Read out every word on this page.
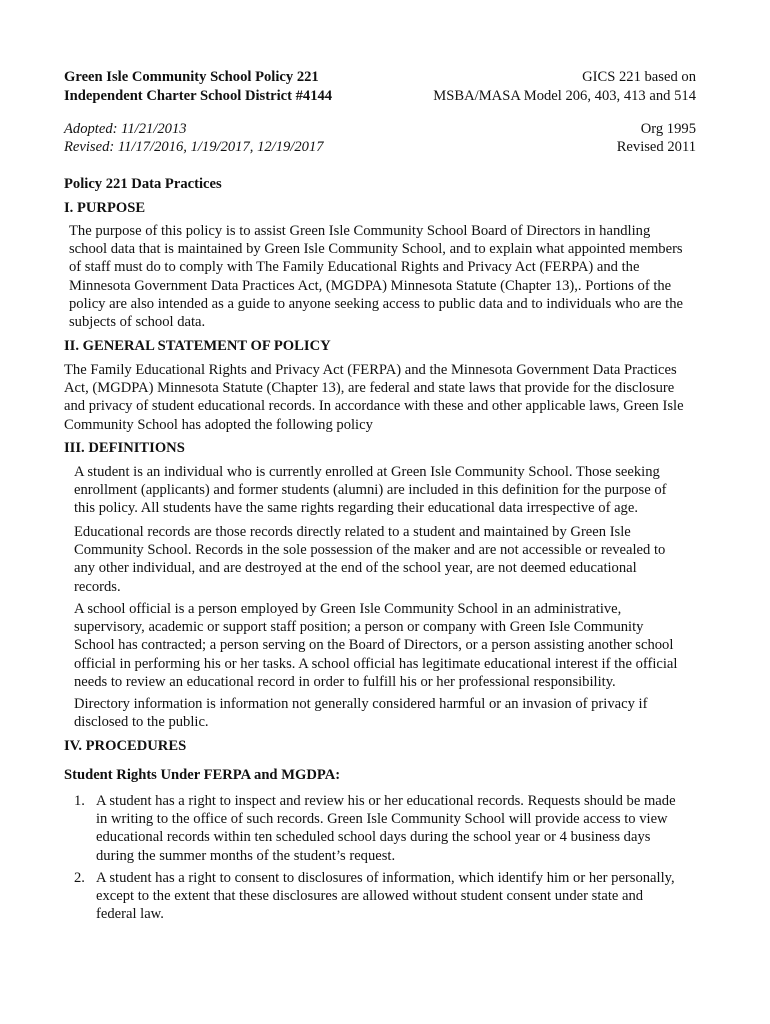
Green Isle Community School Policy 221	GICS 221 based on
Independent Charter School District #4144	MSBA/MASA Model 206, 403, 413 and 514
Adopted: 11/21/2013	Org 1995
Revised: 11/17/2016, 1/19/2017, 12/19/2017	Revised 2011
Policy 221 Data Practices
I. PURPOSE
The purpose of this policy is to assist Green Isle Community School Board of Directors in handling
school data that is maintained by Green Isle Community School, and to explain what appointed members
of staff must do to comply with The Family Educational Rights and Privacy Act (FERPA) and the
Minnesota Government Data Practices Act, (MGDPA) Minnesota Statute (Chapter 13),. Portions of the
policy are also intended as a guide to anyone seeking access to public data and to individuals who are the
subjects of school data.
II. GENERAL STATEMENT OF POLICY
The Family Educational Rights and Privacy Act (FERPA) and the Minnesota Government Data Practices
Act, (MGDPA) Minnesota Statute (Chapter 13), are federal and state laws that provide for the disclosure
and privacy of student educational records. In accordance with these and other applicable laws, Green Isle
Community School has adopted the following policy
III. DEFINITIONS
A student is an individual who is currently enrolled at Green Isle Community School. Those seeking
enrollment (applicants) and former students (alumni) are included in this definition for the purpose of
this policy. All students have the same rights regarding their educational data irrespective of age.
Educational records are those records directly related to a student and maintained by Green Isle
Community School. Records in the sole possession of the maker and are not accessible or revealed to
any other individual, and are destroyed at the end of the school year, are not deemed educational
records.
A school official is a person employed by Green Isle Community School in an administrative,
supervisory, academic or support staff position; a person or company with Green Isle Community
School has contracted; a person serving on the Board of Directors, or a person assisting another school
official in performing his or her tasks. A school official has legitimate educational interest if the official
needs to review an educational record in order to fulfill his or her professional responsibility.
Directory information is information not generally considered harmful or an invasion of privacy if
disclosed to the public.
IV. PROCEDURES
Student Rights Under FERPA and MGDPA:
1. A student has a right to inspect and review his or her educational records. Requests should be made
in writing to the office of such records. Green Isle Community School will provide access to view
educational records within ten scheduled school days during the school year or 4 business days
during the summer months of the student’s request.
2. A student has a right to consent to disclosures of information, which identify him or her personally,
except to the extent that these disclosures are allowed without student consent under state and
federal law.
